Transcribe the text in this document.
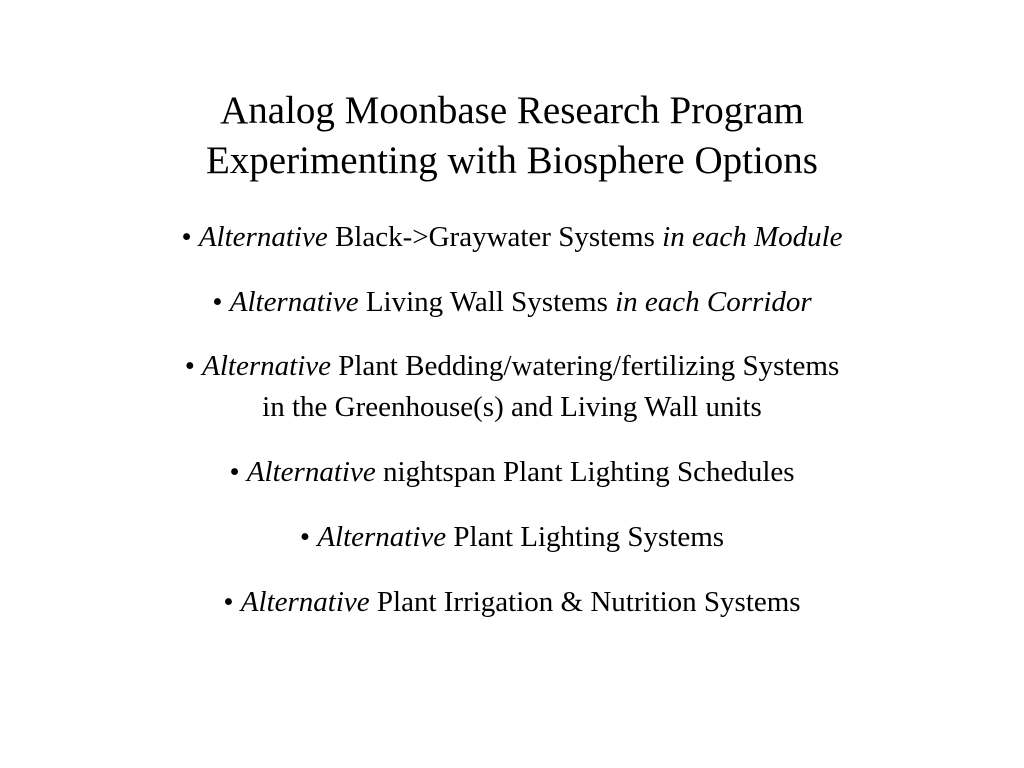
Analog Moonbase Research Program
Experimenting with Biosphere Options
• Alternative Black->Graywater Systems in each Module
• Alternative Living Wall Systems in each Corridor
• Alternative Plant Bedding/watering/fertilizing Systems
in the Greenhouse(s) and Living Wall units
• Alternative nightspan Plant Lighting Schedules
• Alternative Plant Lighting Systems
• Alternative Plant Irrigation & Nutrition Systems
